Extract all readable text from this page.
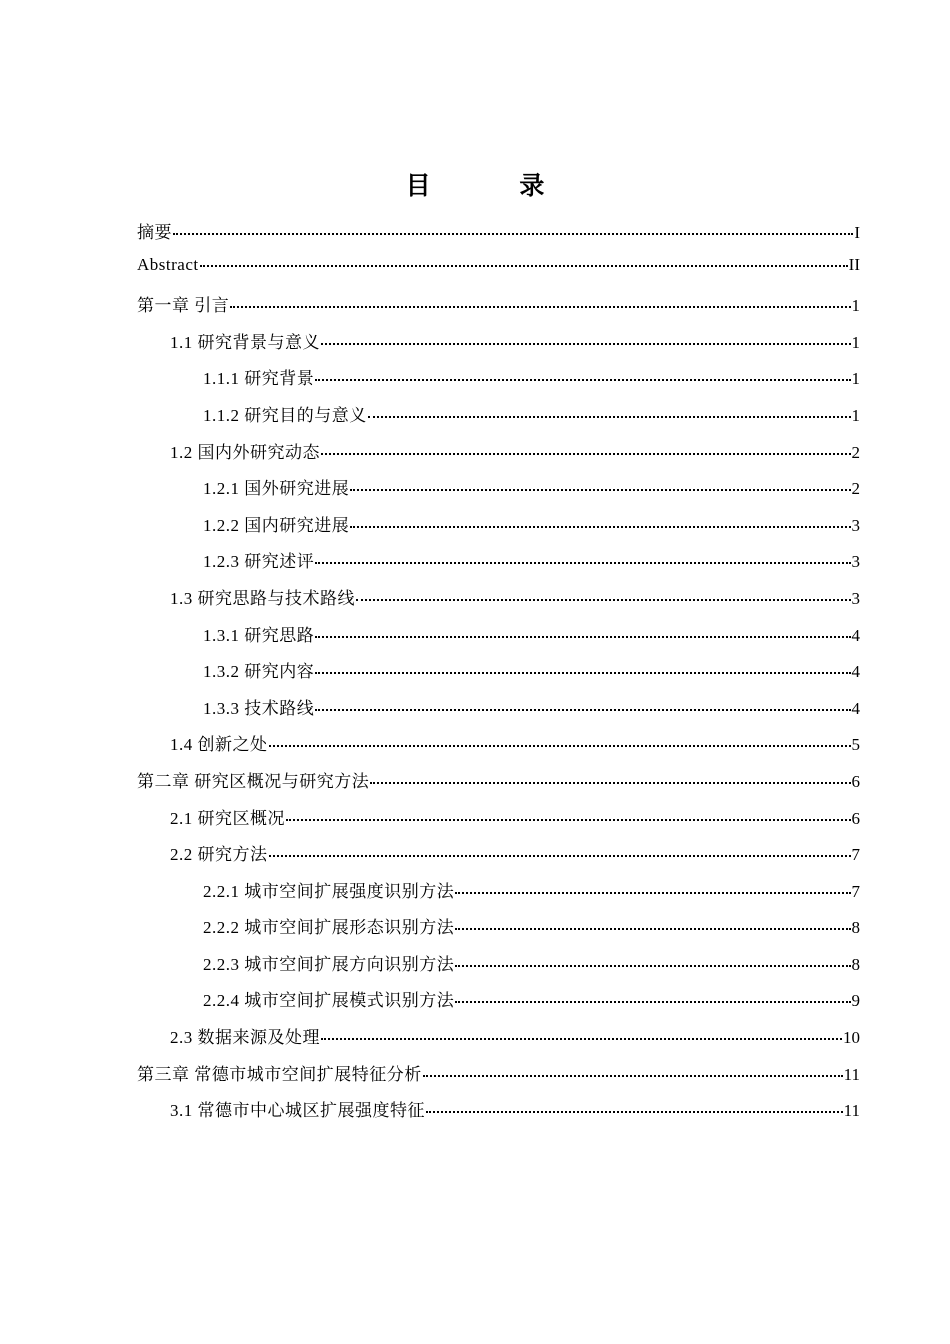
目 录
摘要	I
Abstract	II
第一章 引言	1
1.1 研究背景与意义	1
1.1.1 研究背景	1
1.1.2 研究目的与意义	1
1.2 国内外研究动态	2
1.2.1 国外研究进展	2
1.2.2 国内研究进展	3
1.2.3 研究述评	3
1.3 研究思路与技术路线	3
1.3.1 研究思路	4
1.3.2 研究内容	4
1.3.3 技术路线	4
1.4 创新之处	5
第二章 研究区概况与研究方法	6
2.1 研究区概况	6
2.2 研究方法	7
2.2.1 城市空间扩展强度识别方法	7
2.2.2 城市空间扩展形态识别方法	8
2.2.3 城市空间扩展方向识别方法	8
2.2.4 城市空间扩展模式识别方法	9
2.3 数据来源及处理	10
第三章 常德市城市空间扩展特征分析	11
3.1 常德市中心城区扩展强度特征	11
